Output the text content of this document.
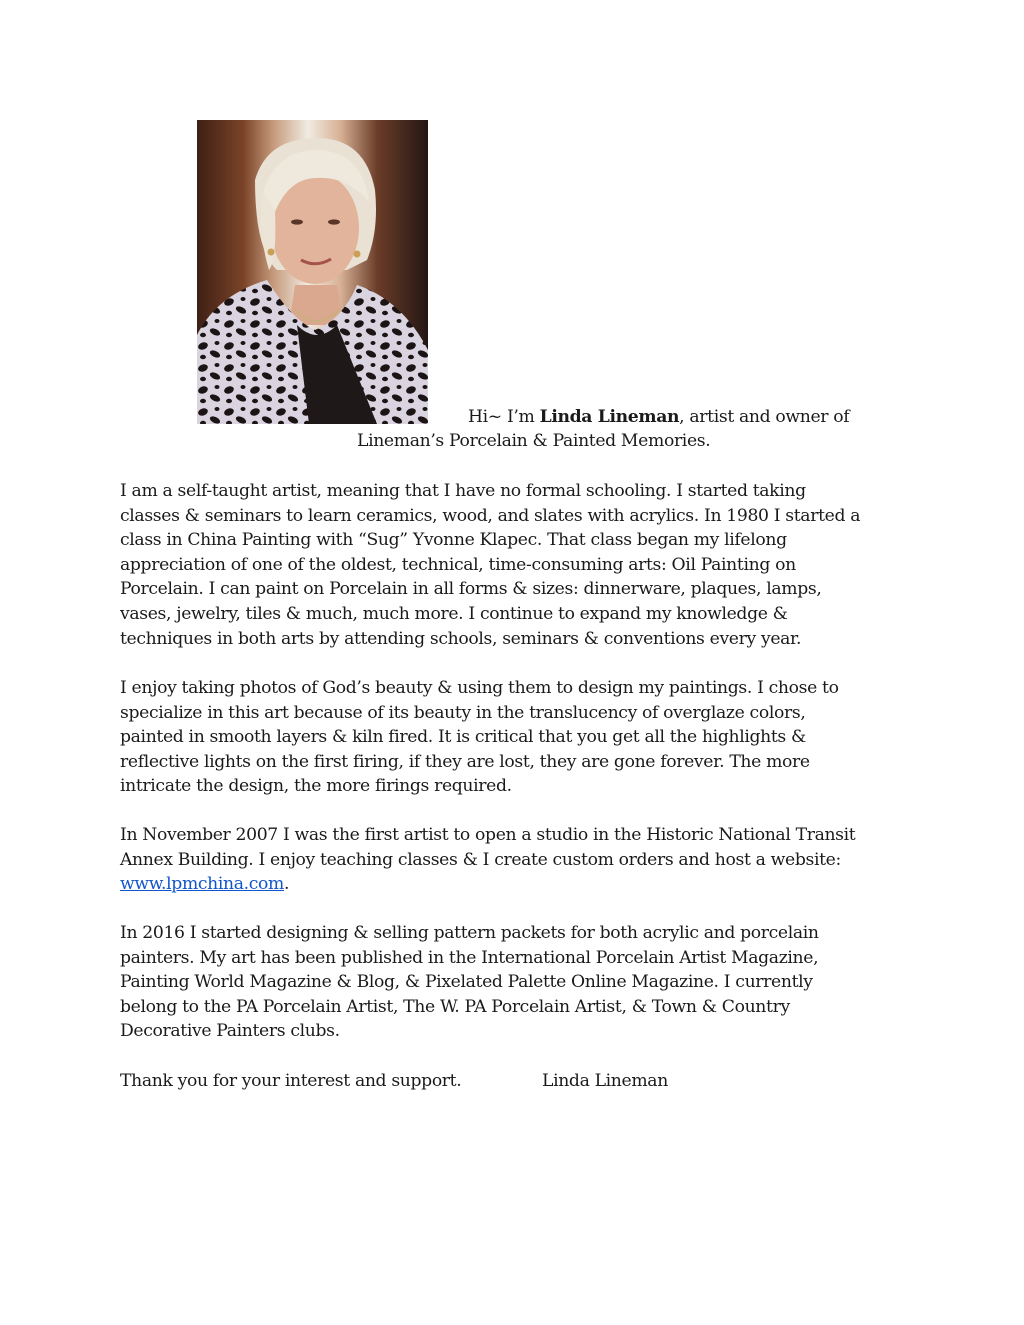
Hi~ I’m Linda Lineman, artist and owner of
Lineman’s Porcelain & Painted Memories.
I am a self-taught artist, meaning that I have no formal schooling. I started taking
classes & seminars to learn ceramics, wood, and slates with acrylics. In 1980 I started a
class in China Painting with “Sug” Yvonne Klapec. That class began my lifelong
appreciation of one of the oldest, technical, time-consuming arts: Oil Painting on
Porcelain. I can paint on Porcelain in all forms & sizes: dinnerware, plaques, lamps,
vases, jewelry, tiles & much, much more. I continue to expand my knowledge &
techniques in both arts by attending schools, seminars & conventions every year.
I enjoy taking photos of God’s beauty & using them to design my paintings. I chose to
specialize in this art because of its beauty in the translucency of overglaze colors,
painted in smooth layers & kiln fired. It is critical that you get all the highlights &
reflective lights on the first firing, if they are lost, they are gone forever. The more
intricate the design, the more firings required.
In November 2007 I was the first artist to open a studio in the Historic National Transit
Annex Building. I enjoy teaching classes & I create custom orders and host a website:
www.lpmchina.com.
In 2016 I started designing & selling pattern packets for both acrylic and porcelain
painters. My art has been published in the International Porcelain Artist Magazine,
Painting World Magazine & Blog, & Pixelated Palette Online Magazine. I currently
belong to the PA Porcelain Artist, The W. PA Porcelain Artist, & Town & Country
Decorative Painters clubs.
Thank you for your interest and support.	Linda Lineman
